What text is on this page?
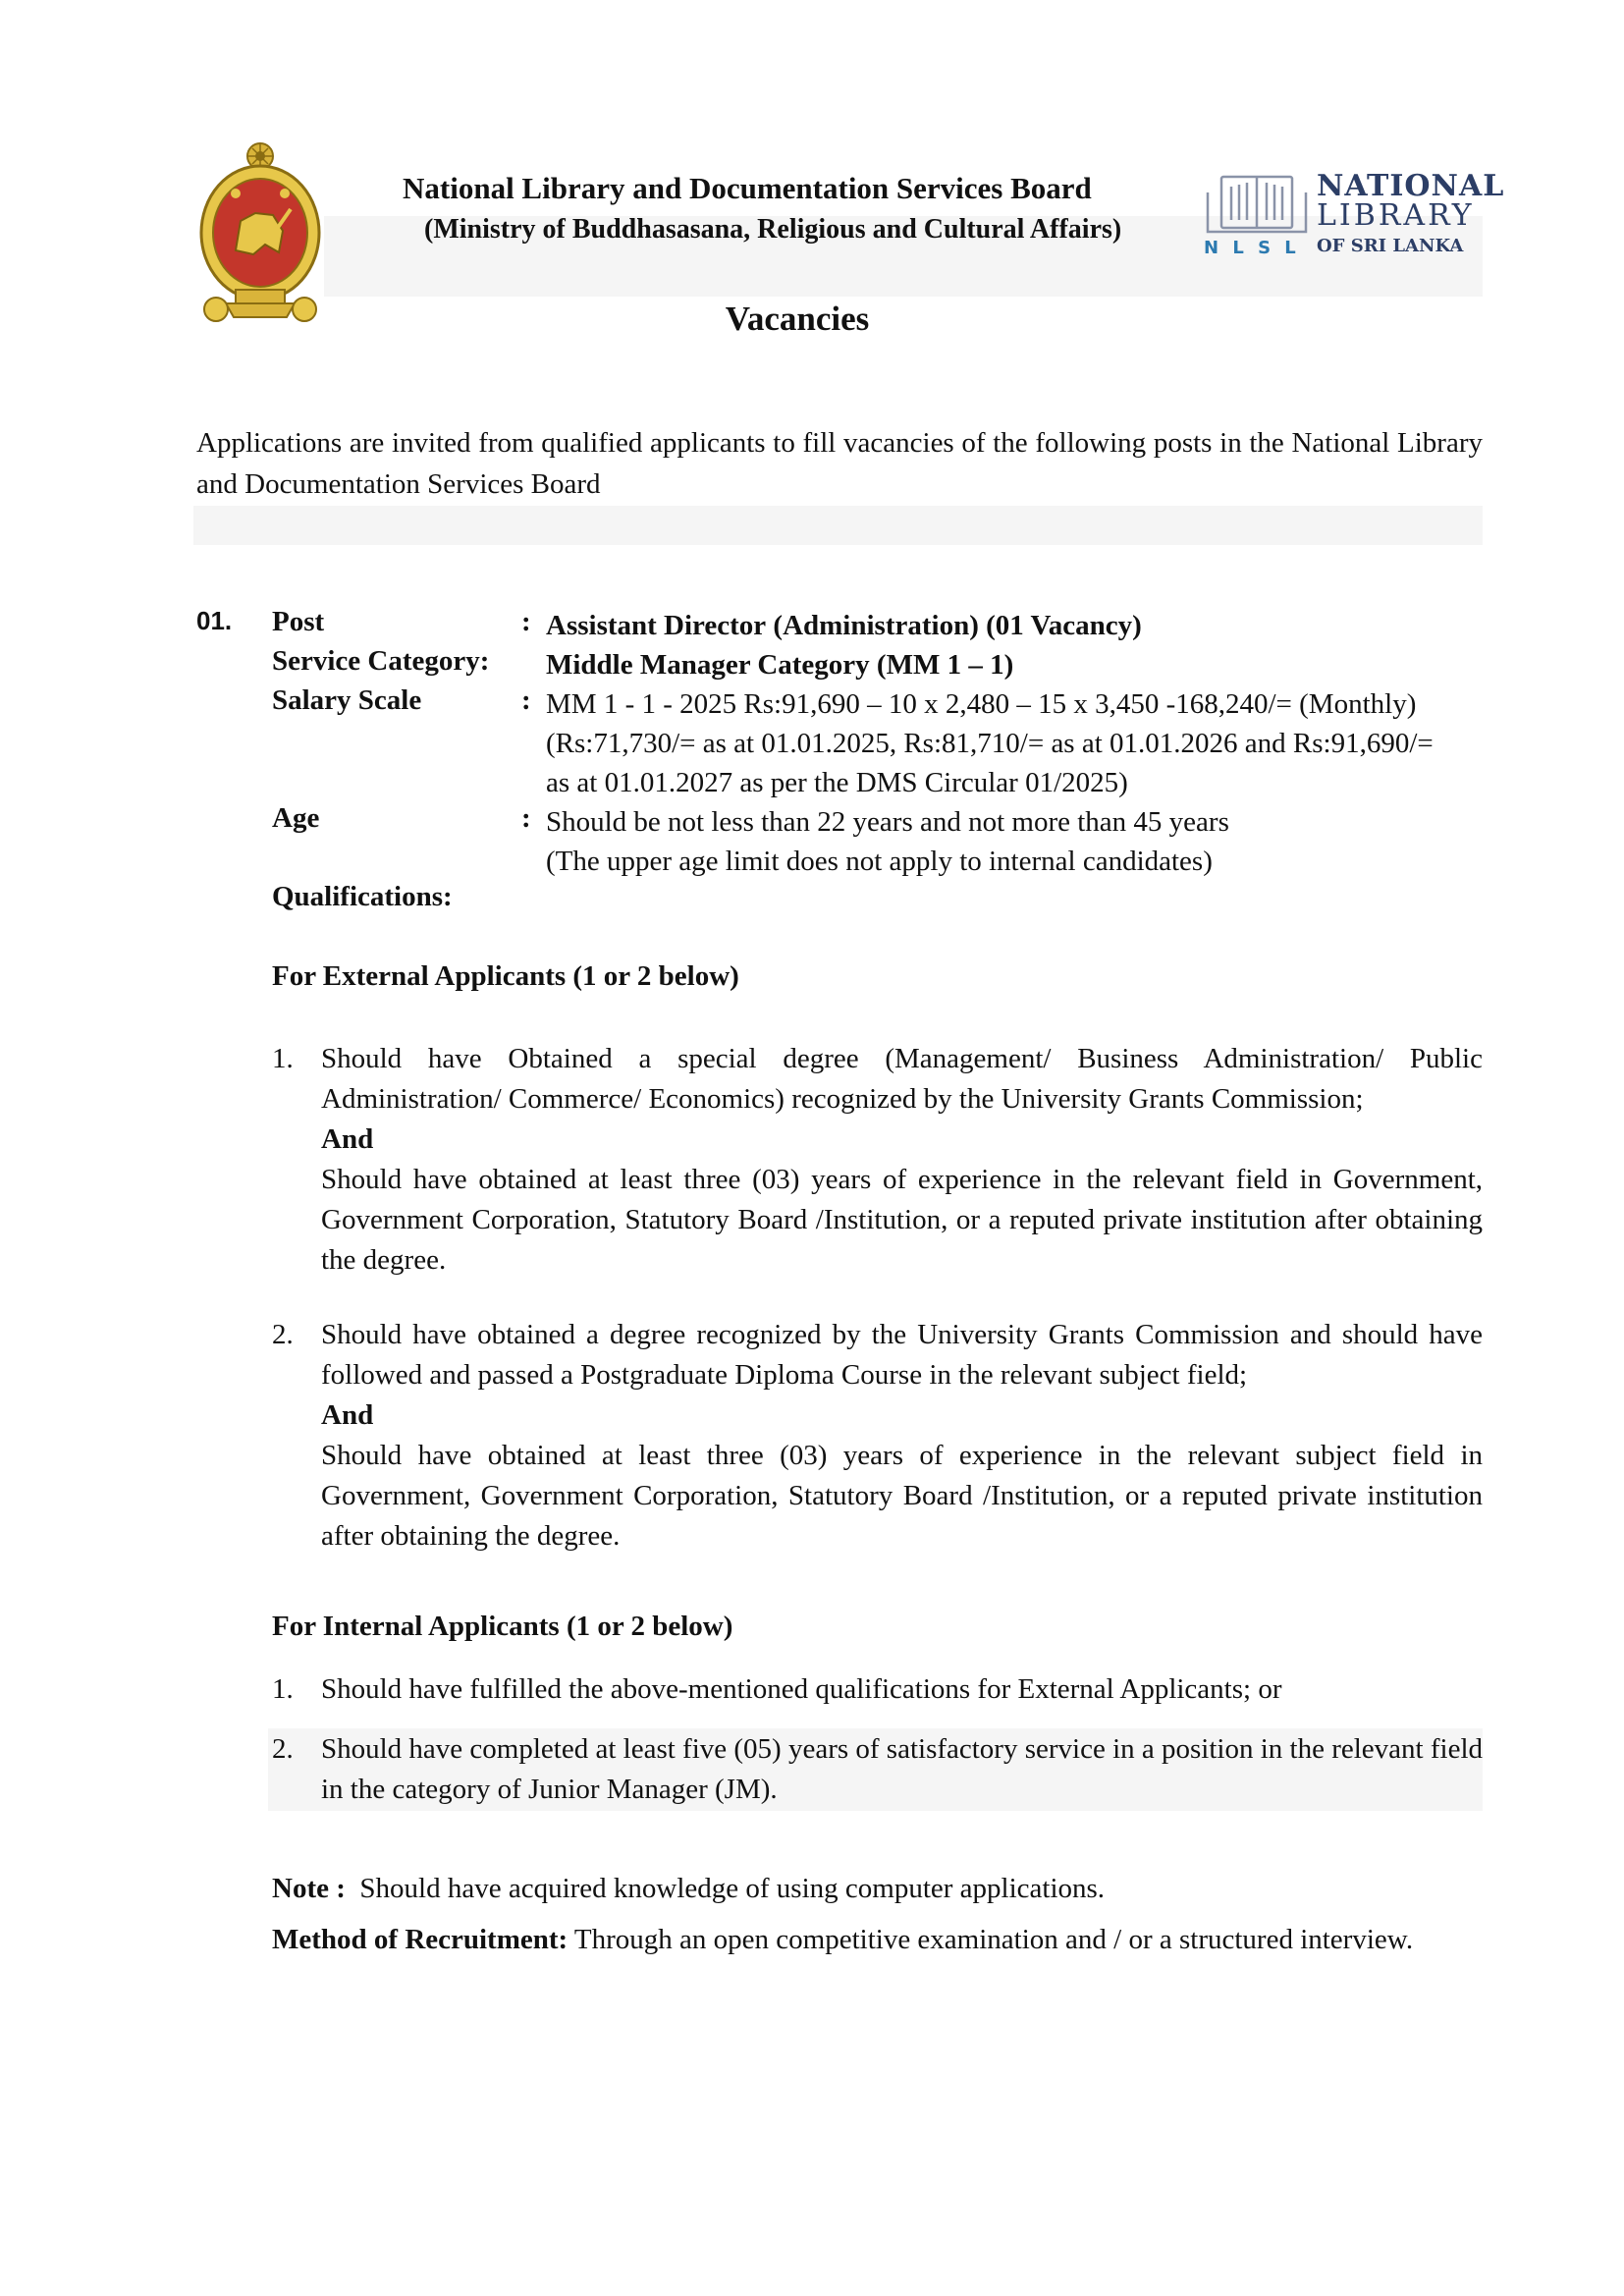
National Library and Documentation Services Board
(Ministry of Buddhasasana, Religious and Cultural Affairs)
NATIONAL
LIBRARY
N L S L OF SRI LANKA
Vacancies
Applications are invited from qualified applicants to fill vacancies of the following posts in the National Library and Documentation Services Board
01. Post	: Assistant Director (Administration) (01 Vacancy)
Service Category: Middle Manager Category (MM 1 – 1)
Salary Scale	: MM 1 - 1 - 2025 Rs:91,690 – 10 x 2,480 – 15 x 3,450 -168,240/= (Monthly)
(Rs:71,730/= as at 01.01.2025, Rs:81,710/= as at 01.01.2026 and Rs:91,690/=
as at 01.01.2027 as per the DMS Circular 01/2025)
Age	: Should be not less than 22 years and not more than 45 years
(The upper age limit does not apply to internal candidates)
Qualifications:
For External Applicants (1 or 2 below)
1. Should have Obtained a special degree (Management/ Business Administration/ Public Administration/ Commerce/ Economics) recognized by the University Grants Commission;
And
Should have obtained at least three (03) years of experience in the relevant field in Government, Government Corporation, Statutory Board /Institution, or a reputed private institution after obtaining the degree.
2. Should have obtained a degree recognized by the University Grants Commission and should have followed and passed a Postgraduate Diploma Course in the relevant subject field;
And
Should have obtained at least three (03) years of experience in the relevant subject field in Government, Government Corporation, Statutory Board /Institution, or a reputed private institution after obtaining the degree.
For Internal Applicants (1 or 2 below)
1. Should have fulfilled the above-mentioned qualifications for External Applicants; or
2. Should have completed at least five (05) years of satisfactory service in a position in the relevant field in the category of Junior Manager (JM).
Note : Should have acquired knowledge of using computer applications.
Method of Recruitment: Through an open competitive examination and / or a structured interview.
